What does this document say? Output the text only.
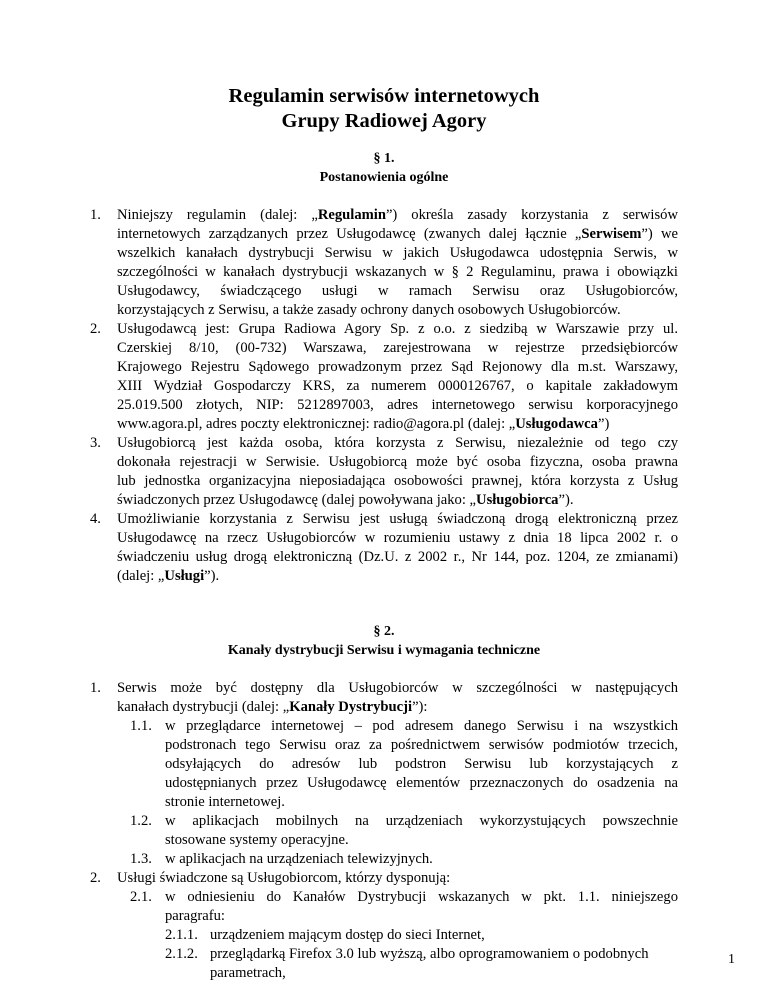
Regulamin serwisów internetowych
Grupy Radiowej Agory
§ 1.
Postanowienia ogólne
1. Niniejszy regulamin (dalej: „Regulamin”) określa zasady korzystania z serwisów
internetowych zarządzanych przez Usługodawcę (zwanych dalej łącznie „Serwisem”) we
wszelkich kanałach dystrybucji Serwisu w jakich Usługodawca udostępnia Serwis, w
szczególności w kanałach dystrybucji wskazanych w § 2 Regulaminu, prawa i obowiązki
Usługodawcy, świadczącego usługi w ramach Serwisu oraz Usługobiorców,
korzystających z Serwisu, a także zasady ochrony danych osobowych Usługobiorców.
2. Usługodawcą jest: Grupa Radiowa Agory Sp. z o.o. z siedzibą w Warszawie przy ul.
Czerskiej 8/10, (00-732) Warszawa, zarejestrowana w rejestrze przedsiębiorców
Krajowego Rejestru Sądowego prowadzonym przez Sąd Rejonowy dla m.st. Warszawy,
XIII Wydział Gospodarczy KRS, za numerem 0000126767, o kapitale zakładowym
25.019.500 złotych, NIP: 5212897003, adres internetowego serwisu korporacyjnego
www.agora.pl, adres poczty elektronicznej: radio@agora.pl (dalej: „Usługodawca”)
3. Usługobiorcą jest każda osoba, która korzysta z Serwisu, niezależnie od tego czy
dokonała rejestracji w Serwisie. Usługobiorcą może być osoba fizyczna, osoba prawna
lub jednostka organizacyjna nieposiadająca osobowości prawnej, która korzysta z Usług
świadczonych przez Usługodawcę (dalej powoływana jako: „Usługobiorca”).
4. Umożliwianie korzystania z Serwisu jest usługą świadczoną drogą elektroniczną przez
Usługodawcę na rzecz Usługobiorców w rozumieniu ustawy z dnia 18 lipca 2002 r. o
świadczeniu usług drogą elektroniczną (Dz.U. z 2002 r., Nr 144, poz. 1204, ze zmianami)
(dalej: „Usługi”).
§ 2.
Kanały dystrybucji Serwisu i wymagania techniczne
1. Serwis może być dostępny dla Usługobiorców w szczególności w następujących
kanałach dystrybucji (dalej: „Kanały Dystrybucji”):
1.1. w przeglądarce internetowej – pod adresem danego Serwisu i na wszystkich
podstronach tego Serwisu oraz za pośrednictwem serwisów podmiotów trzecich,
odsyłających do adresów lub podstron Serwisu lub korzystających z
udostępnianych przez Usługodawcę elementów przeznaczonych do osadzenia na
stronie internetowej.
1.2. w aplikacjach mobilnych na urządzeniach wykorzystujących powszechnie
stosowane systemy operacyjne.
1.3. w aplikacjach na urządzeniach telewizyjnych.
2. Usługi świadczone są Usługobiorcom, którzy dysponują:
2.1. w odniesieniu do Kanałów Dystrybucji wskazanych w pkt. 1.1. niniejszego
paragrafu:
2.1.1. urządzeniem mającym dostęp do sieci Internet,
1
2.1.2. przeglądarką Firefox 3.0 lub wyższą, albo oprogramowaniem o podobnych
parametrach,
